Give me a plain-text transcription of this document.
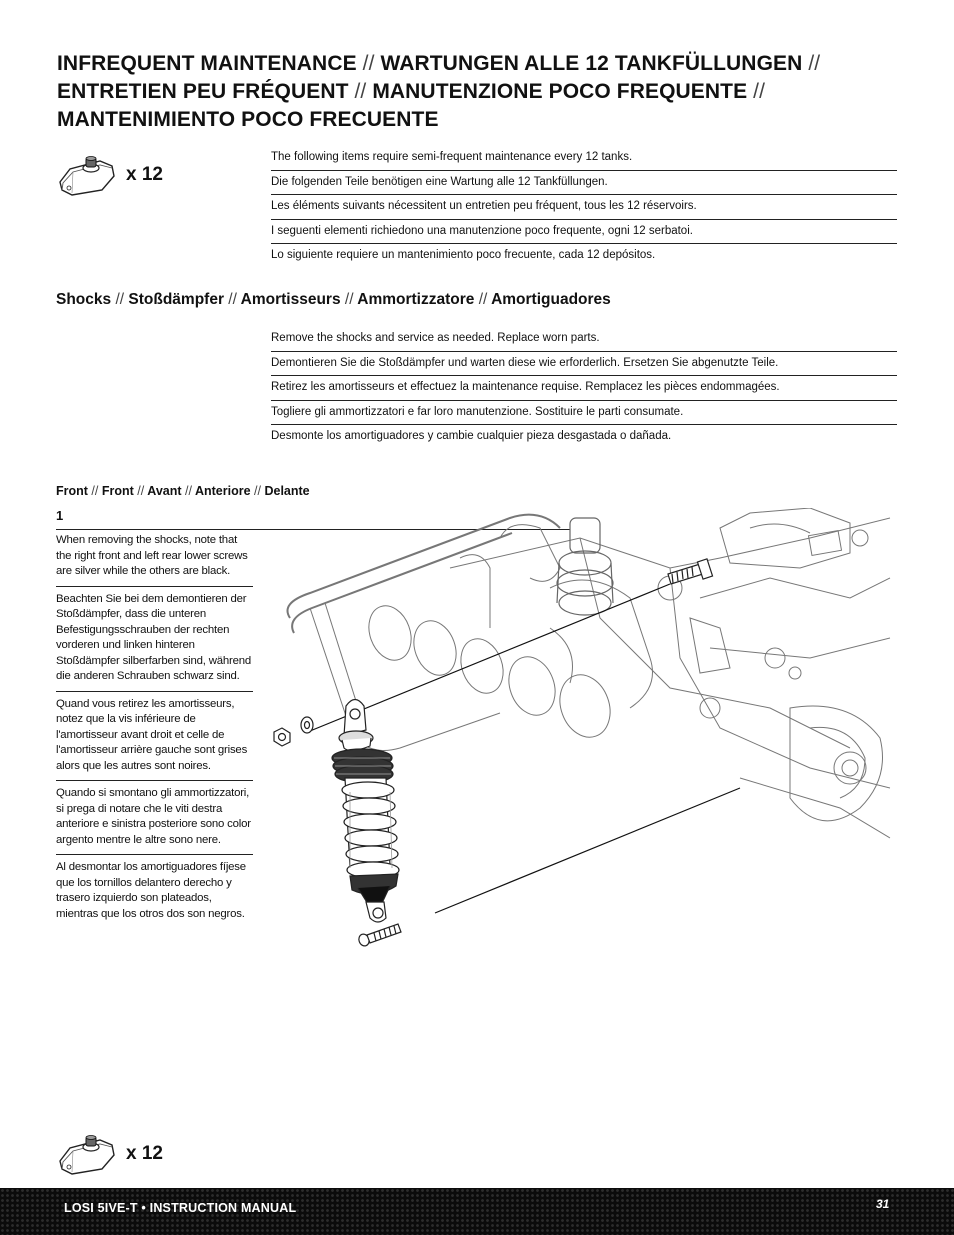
INFREQUENT MAINTENANCE // WARTUNGEN ALLE 12 TANKFÜLLUNGEN //
ENTRETIEN PEU FRÉQUENT // MANUTENZIONE POCO FREQUENTE //
MANTENIMIENTO POCO FRECUENTE
x 12
The following items require semi-frequent maintenance every 12 tanks.
Die folgenden Teile benötigen eine Wartung alle 12 Tankfüllungen.
Les éléments suivants nécessitent un entretien peu fréquent, tous les 12 réservoirs.
I seguenti elementi richiedono una manutenzione poco frequente, ogni 12 serbatoi.
Lo siguiente requiere un mantenimiento poco frecuente, cada 12 depósitos.
Shocks // Stoßdämpfer // Amortisseurs // Ammortizzatore // Amortiguadores
Remove the shocks and service as needed. Replace worn parts.
Demontieren Sie die Stoßdämpfer und warten diese wie erforderlich. Ersetzen Sie abgenutzte Teile.
Retirez les amortisseurs et effectuez la maintenance requise. Remplacez les pièces endommagées.
Togliere gli ammortizzatori e far loro manutenzione. Sostituire le parti consumate.
Desmonte los amortiguadores y cambie cualquier pieza desgastada o dañada.
Front // Front // Avant // Anteriore // Delante
1
When removing the shocks, note that the right front and left rear lower screws are silver while the others are black.
Beachten Sie bei dem demontieren der Stoßdämpfer, dass die unteren Befestigungsschrauben der rechten vorderen und linken hinteren Stoßdämpfer silberfarben sind, während die anderen Schrauben schwarz sind.
Quand vous retirez les amortisseurs, notez que la vis inférieure de l'amortisseur avant droit et celle de l'amortisseur arrière gauche sont grises alors que les autres sont noires.
Quando si smontano gli ammortizzatori, si prega di notare che le viti destra anteriore e sinistra posteriore sono color argento mentre le altre sono nere.
Al desmontar los amortiguadores fíjese que los tornillos delantero derecho y trasero izquierdo son plateados, mientras que los otros dos son negros.
x 12
LOSI 5IVE-T • INSTRUCTION MANUAL	31
